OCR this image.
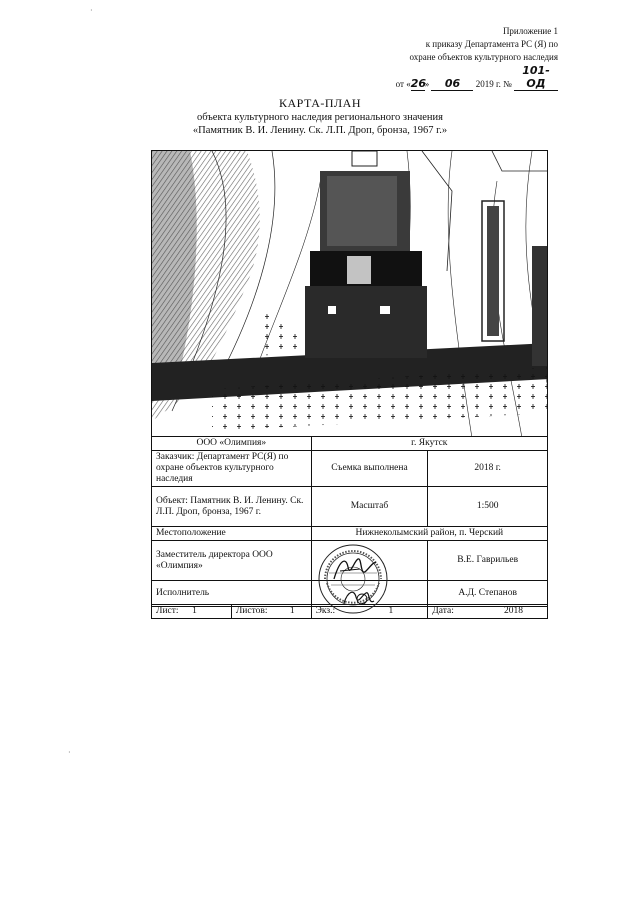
Приложение 1
к приказу Департамента РС (Я) по
охране объектов культурного наследия
от «26» 06 2019 г. № 101-ОД
КАРТА-ПЛАН
объекта культурного наследия регионального значения
«Памятник В. И. Ленину. Ск. Л.П. Дроп, бронза, 1967 г.»
ООО «Олимпия»	г. Якутск	
Заказчик: Департамент РС(Я) по охране объектов культурного наследия	Съемка выполнена	2018 г.
Объект: Памятник В. И. Ленину. Ск. Л.П. Дроп, бронза, 1967 г.	Масштаб	1:500
Местоположение	Нижнеколымский район, п. Черский	
Заместитель директора ООО «Олимпия»		В.Е. Гаврильев
Исполнитель		А.Д. Степанов
Лист: 1	Листов: 1	Экз.:	1	Дата:	2018
·
·
